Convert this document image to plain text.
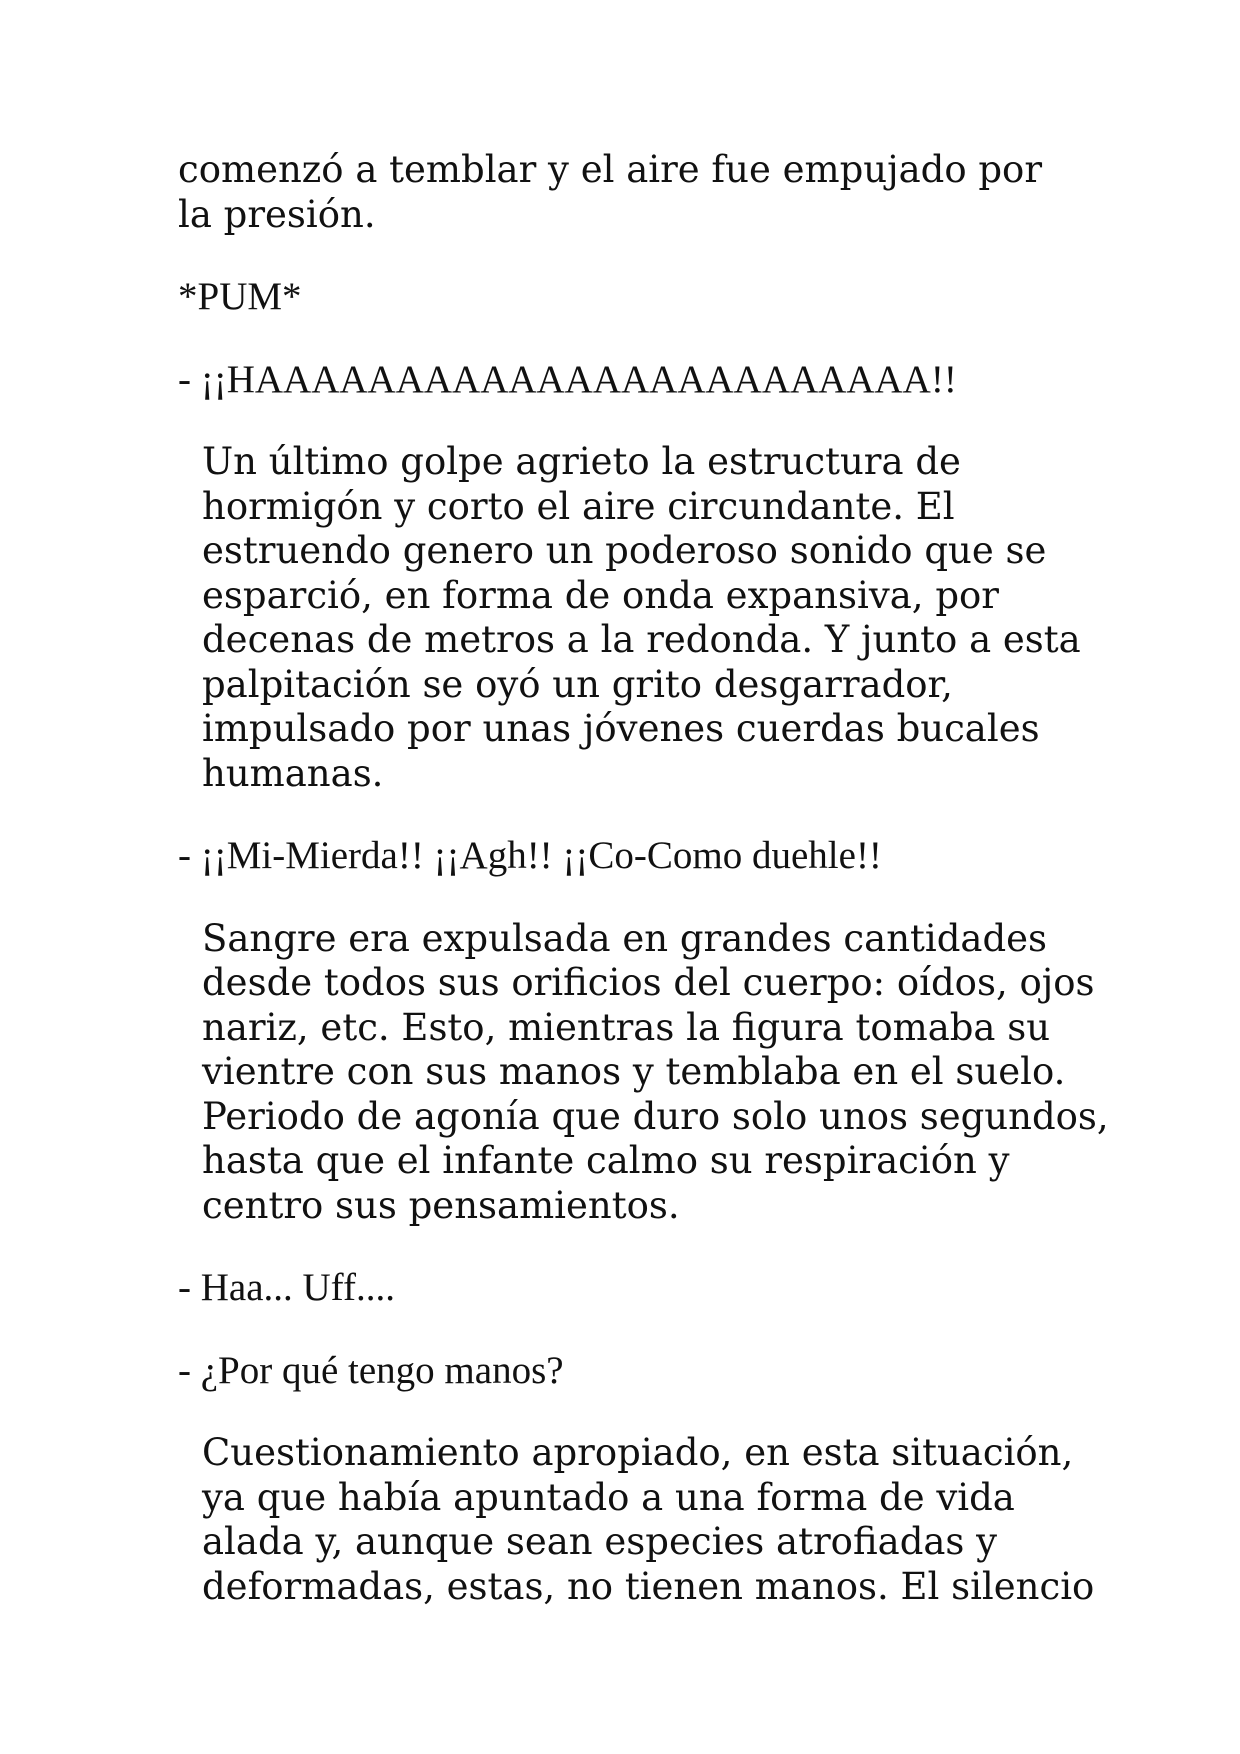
comenzó a temblar y el aire fue empujado por
la presión.

*PUM*

- ¡¡HAAAAAAAAAAAAAAAAAAAAAAAA!!

Un último golpe agrieto la estructura de
hormigón y corto el aire circundante. El
estruendo genero un poderoso sonido que se
esparció, en forma de onda expansiva, por
decenas de metros a la redonda. Y junto a esta
palpitación se oyó un grito desgarrador,
impulsado por unas jóvenes cuerdas bucales
humanas.

- ¡¡Mi-Mierda!! ¡¡Agh!! ¡¡Co-Como duehle!!

Sangre era expulsada en grandes cantidades
desde todos sus orificios del cuerpo: oídos, ojos
nariz, etc. Esto, mientras la figura tomaba su
vientre con sus manos y temblaba en el suelo.
Periodo de agonía que duro solo unos segundos,
hasta que el infante calmo su respiración y
centro sus pensamientos.

- Haa... Uff....

- ¿Por qué tengo manos?

Cuestionamiento apropiado, en esta situación,
ya que había apuntado a una forma de vida
alada y, aunque sean especies atrofiadas y
deformadas, estas, no tienen manos. El silencio
